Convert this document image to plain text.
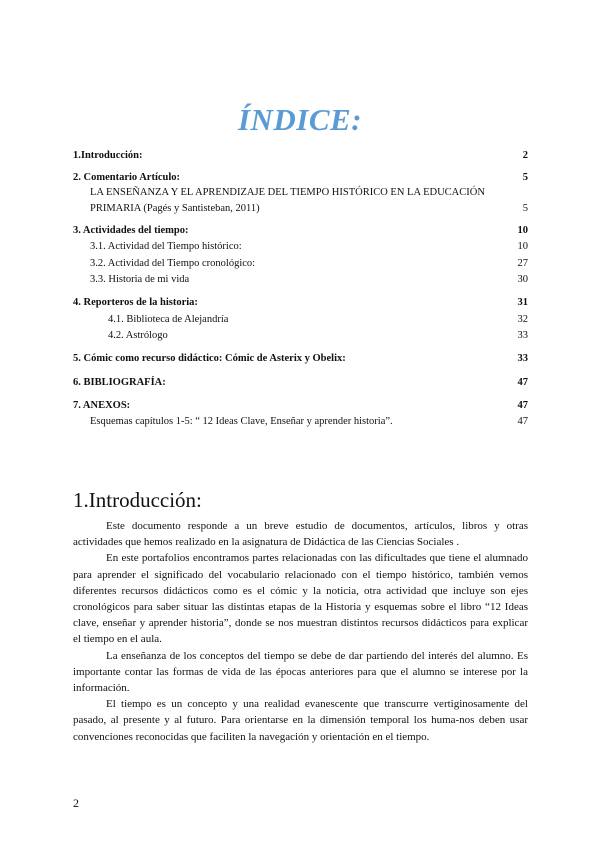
ÍNDICE:
1.Introducción:	2
2. Comentario Artículo:	5
LA ENSEÑANZA Y EL APRENDIZAJE DEL TIEMPO HISTÓRICO EN LA EDUCACIÓN
PRIMARIA (Pagés y Santisteban, 2011)	5
3. Actividades del tiempo:	10
3.1. Actividad del Tiempo histórico:	10
3.2. Actividad del Tiempo cronológico:	27
3.3. Historia de mi vida	30
4. Reporteros de la historia:	31
4.1. Biblioteca de Alejandría	32
4.2. Astrólogo	33
5. Cómic como recurso didáctico: Cómic de Asterix y Obelix:	33
6. BIBLIOGRAFÍA:	47
7. ANEXOS:	47
Esquemas capítulos 1-5: “ 12 Ideas Clave, Enseñar y aprender historia”.	47
1.Introducción:

Este documento responde a un breve estudio de documentos, artículos, libros y otras actividades que hemos realizado en la asignatura de Didáctica de las Ciencias Sociales .

En este portafolios encontramos partes relacionadas con las dificultades que tiene el alumnado para aprender el significado del vocabulario relacionado con el tiempo histórico, también vemos diferentes recursos didácticos como es el cómic y la noticia, otra actividad que incluye son ejes cronológicos para saber situar las distintas etapas de la Historia y esquemas sobre el libro “12 Ideas clave, enseñar y aprender historia”, donde se nos muestran distintos recursos didácticos para explicar el tiempo en el aula.

La enseñanza de los conceptos del tiempo se debe de dar partiendo del interés del alumno. Es importante contar las formas de vida de las épocas anteriores para que el alumno se interese por la información.

El tiempo es un concepto y una realidad evanescente que transcurre vertiginosamente del pasado, al presente y al futuro. Para orientarse en la dimensión temporal los huma-nos deben usar convenciones reconocidas que faciliten la navegación y orientación en el tiempo.

2
